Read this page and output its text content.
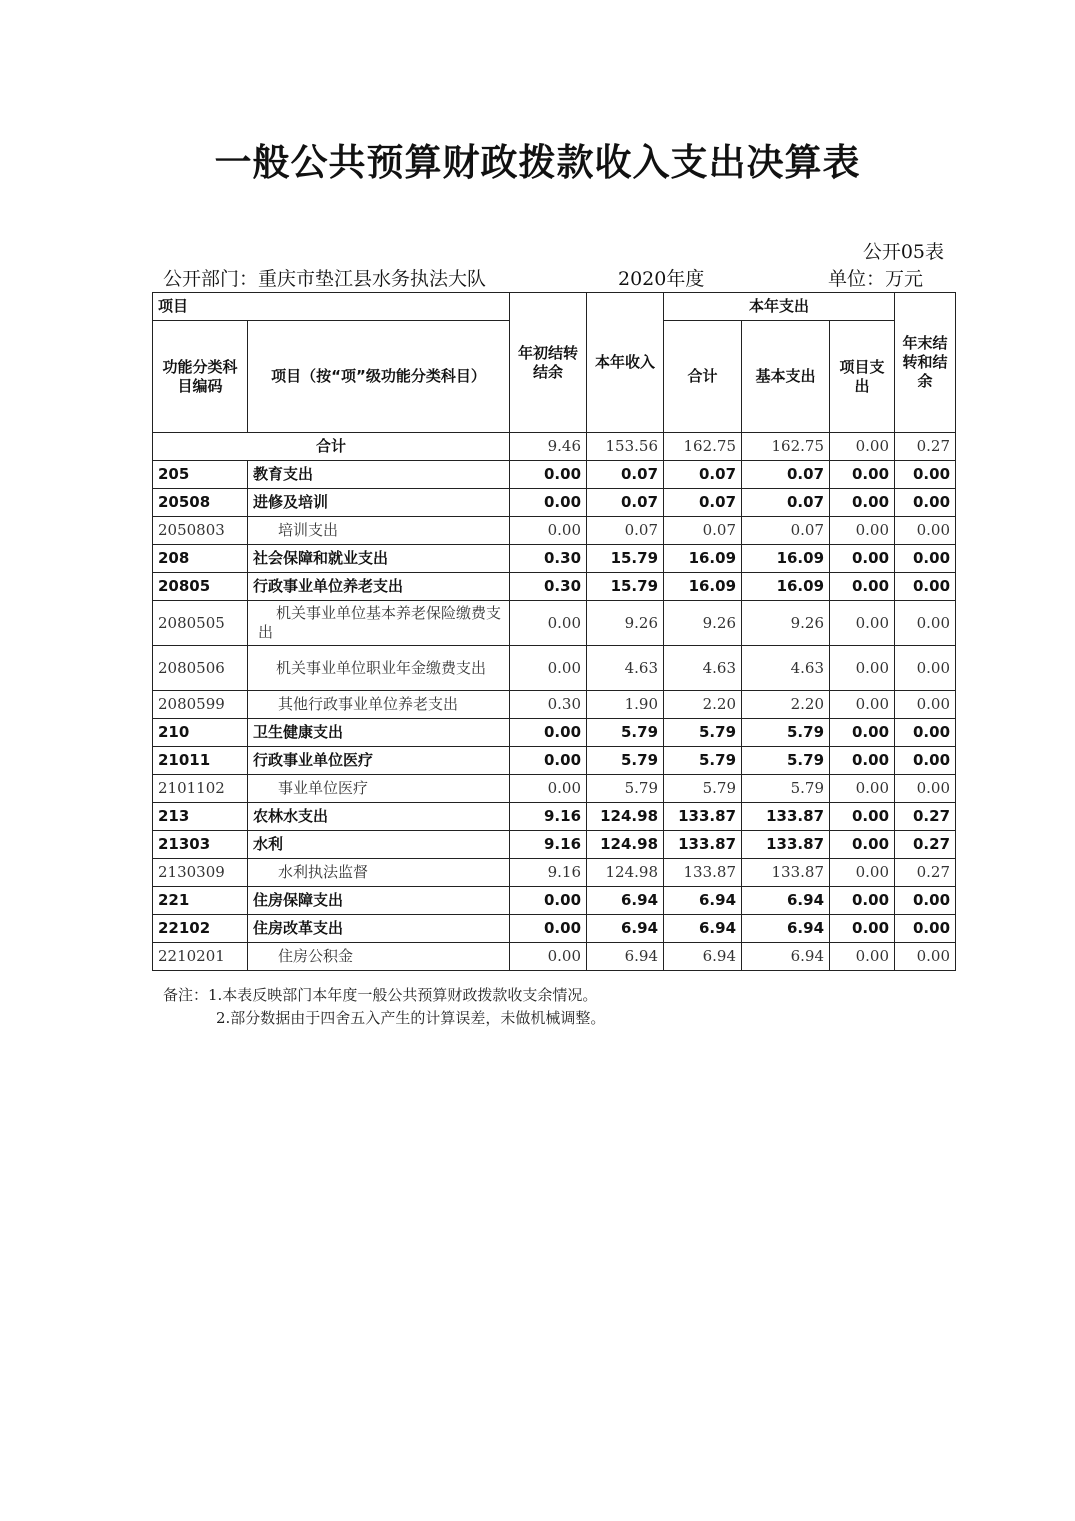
一般公共预算财政拨款收入支出决算表
公开05表
公开部门：重庆市垫江县水务执法大队	2020年度	单位：万元
项目		年初结转结余	本年收入	本年支出			年末结转和结余
功能分类科目编码	项目（按“项”级功能分类科目）			合计	基本支出	项目支出	
合计		9.46	153.56	162.75	162.75	0.00	0.27
205	教育支出	0.00	0.07	0.07	0.07	0.00	0.00
20508	进修及培训	0.00	0.07	0.07	0.07	0.00	0.00
2050803	培训支出	0.00	0.07	0.07	0.07	0.00	0.00
208	社会保障和就业支出	0.30	15.79	16.09	16.09	0.00	0.00
20805	行政事业单位养老支出	0.30	15.79	16.09	16.09	0.00	0.00
2080505	机关事业单位基本养老保险缴费支出	0.00	9.26	9.26	9.26	0.00	0.00
2080506	机关事业单位职业年金缴费支出	0.00	4.63	4.63	4.63	0.00	0.00
2080599	其他行政事业单位养老支出	0.30	1.90	2.20	2.20	0.00	0.00
210	卫生健康支出	0.00	5.79	5.79	5.79	0.00	0.00
21011	行政事业单位医疗	0.00	5.79	5.79	5.79	0.00	0.00
2101102	事业单位医疗	0.00	5.79	5.79	5.79	0.00	0.00
213	农林水支出	9.16	124.98	133.87	133.87	0.00	0.27
21303	水利	9.16	124.98	133.87	133.87	0.00	0.27
2130309	水利执法监督	9.16	124.98	133.87	133.87	0.00	0.27
221	住房保障支出	0.00	6.94	6.94	6.94	0.00	0.00
22102	住房改革支出	0.00	6.94	6.94	6.94	0.00	0.00
2210201	住房公积金	0.00	6.94	6.94	6.94	0.00	0.00
备注：1.本表反映部门本年度一般公共预算财政拨款收支余情况。
2.部分数据由于四舍五入产生的计算误差，未做机械调整。
